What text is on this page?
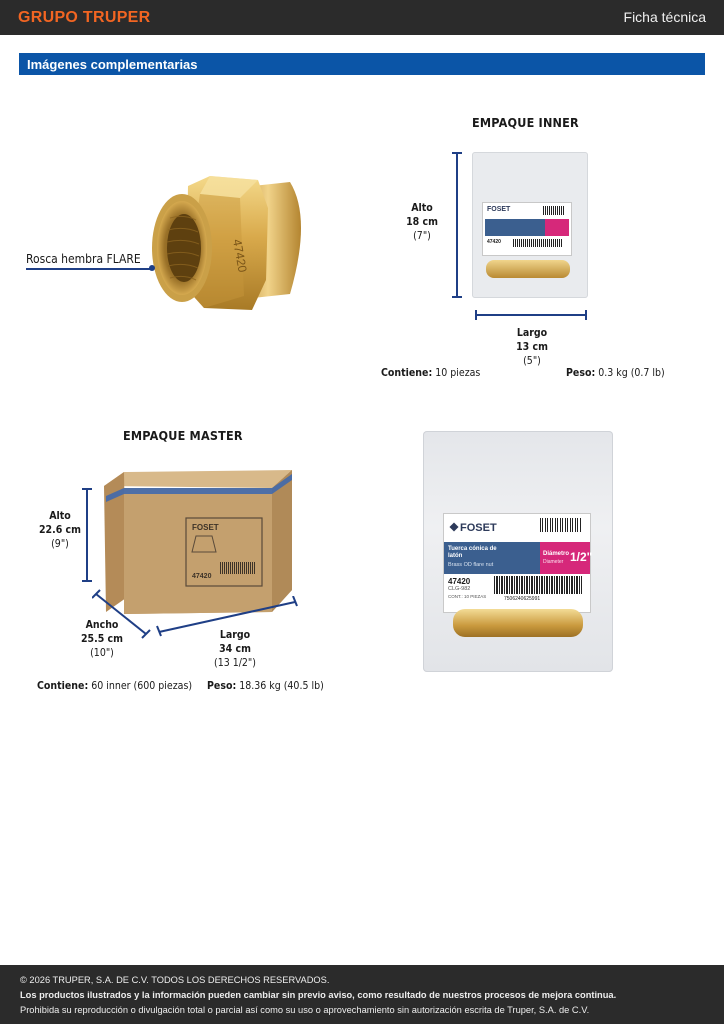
GRUPO TRUPER	Ficha técnica
Imágenes complementarias
47420
Rosca hembra FLARE
EMPAQUE INNER
Alto
18 cm
(7")
FOSET
47420
Largo
13 cm
(5")
Contiene: 10 piezas	Peso: 0.3 kg (0.7 lb)
EMPAQUE MASTER
Alto
22.6 cm
(9")
FOSET
47420
Ancho
25.5 cm
(10")
Largo
34 cm
(13 1/2")
Contiene: 60 inner (600 piezas) Peso: 18.36 kg (40.5 lb)
FOSET
Tuerca cónica de latón
Brass OD flare nut
Diámetro
Diameter 1/2"
47420
CLG-982
CONT.: 10 PIEZAS	7506240625991
© 2026 TRUPER, S.A. DE C.V. TODOS LOS DERECHOS RESERVADOS.
Los productos ilustrados y la información pueden cambiar sin previo aviso, como resultado de nuestros procesos de mejora continua.
Prohibida su reproducción o divulgación total o parcial así como su uso o aprovechamiento sin autorización escrita de Truper, S.A. de C.V.
